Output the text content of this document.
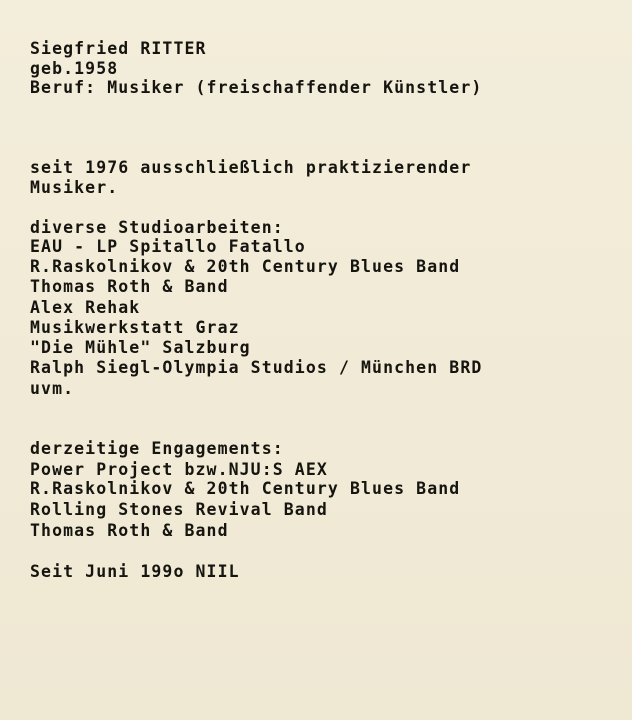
Siegfried RITTER
geb.1958
Beruf: Musiker (freischaffender Künstler)
seit 1976 ausschließlich praktizierender
Musiker.
diverse Studioarbeiten:
EAU - LP Spitallo Fatallo
R.Raskolnikov & 20th Century Blues Band
Thomas Roth & Band
Alex Rehak
Musikwerkstatt Graz
"Die Mühle" Salzburg
Ralph Siegl-Olympia Studios / München BRD
uvm.
derzeitige Engagements:
Power Project bzw.NJU:S AEX
R.Raskolnikov & 20th Century Blues Band
Rolling Stones Revival Band
Thomas Roth & Band
Seit Juni 199o NIIL
